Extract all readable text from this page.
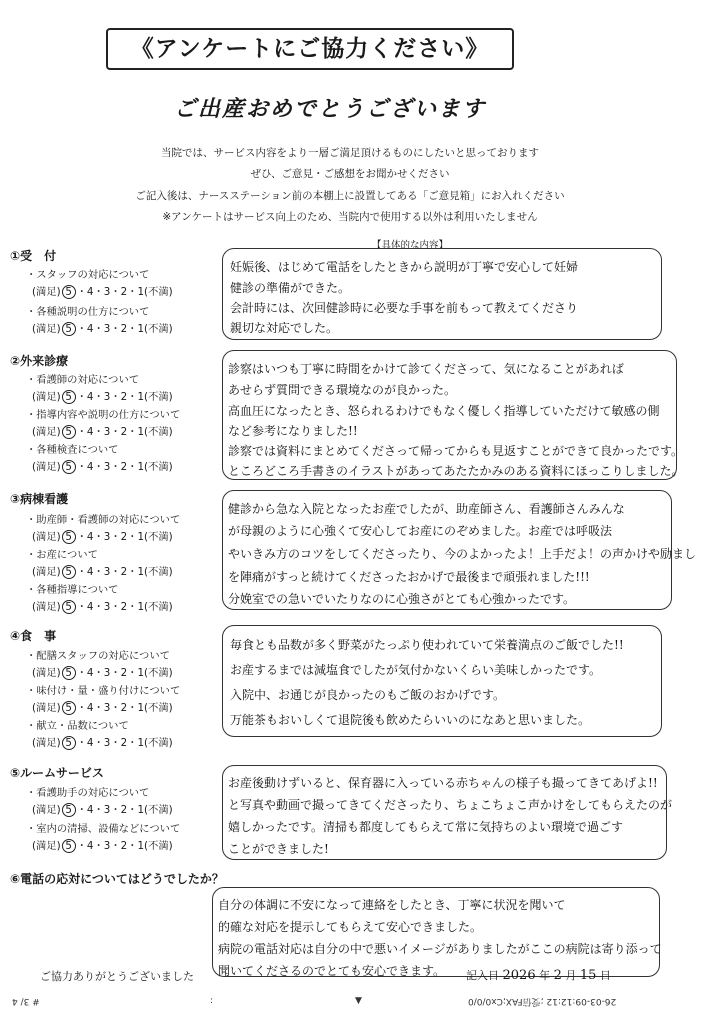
《アンケートにご協力ください》
ご出産おめでとうございます
当院では、サービス内容をより一層ご満足頂けるものにしたいと思っております
ぜひ、ご意見・ご感想をお聞かせください
ご記入後は、ナースステーション前の本棚上に設置してある「ご意見箱」にお入れください
※アンケートはサービス向上のため、当院内で使用する以外は利用いたしません
【具体的な内容】
①受　付
・スタッフの対応について
(満足) 5 ・4・3・2・1(不満)
・各種説明の仕方について
(満足) 5 ・4・3・2・1(不満)
妊娠後、はじめて電話をしたときから説明が丁寧で安心して妊婦
健診の準備ができた。
会計時には、次回健診時に必要な手事を前もって教えてくださり
親切な対応でした。
②外来診療
・看護師の対応について
(満足) 5 ・4・3・2・1(不満)
・指導内容や説明の仕方について
(満足) 5 ・4・3・2・1(不満)
・各種検査について
(満足) 5 ・4・3・2・1(不満)
診察はいつも丁寧に時間をかけて診てくださって、気になることがあれば
あせらず質問できる環境なのが良かった。
高血圧になったとき、怒られるわけでもなく優しく指導していただけて敏感の側
など参考になりました!!
診察では資料にまとめてくださって帰ってからも見返すことができて良かったです。
ところどころ手書きのイラストがあってあたたかみのある資料にほっこりしました。
③病棟看護
・助産師・看護師の対応について
(満足) 5 ・4・3・2・1(不満)
・お産について
(満足) 5 ・4・3・2・1(不満)
・各種指導について
(満足) 5 ・4・3・2・1(不満)
健診から急な入院となったお産でしたが、助産師さん、看護師さんみんな
が母親のように心強くて安心してお産にのぞめました。お産では呼吸法
やいきみ方のコツをしてくださったり、今のよかったよ！上手だよ！の声かけや励まし
を陣痛がすっと続けてくださったおかげで最後まで頑張れました!!!
分娩室での急いでいたりなのに心強さがとても心強かったです。
④食　事
・配膳スタッフの対応について
(満足) 5 ・4・3・2・1(不満)
・味付け・量・盛り付けについて
(満足) 5 ・4・3・2・1(不満)
・献立・品数について
(満足) 5 ・4・3・2・1(不満)
毎食とも品数が多く野菜がたっぷり使われていて栄養満点のご飯でした!!
お産するまでは減塩食でしたが気付かないくらい美味しかったです。
入院中、お通じが良かったのもご飯のおかげです。
万能茶もおいしくて退院後も飲めたらいいのになあと思いました。
⑤ルームサービス
・看護助手の対応について
(満足) 5 ・4・3・2・1(不満)
・室内の清掃、設備などについて
(満足) 5 ・4・3・2・1(不満)
お産後動けずいると、保育器に入っている赤ちゃんの様子も撮ってきてあげよ!!
と写真や動画で撮ってきてくださったり、ちょこちょこ声かけをしてもらえたのが
嬉しかったです。清掃も都度してもらえて常に気持ちのよい環境で過ごす
ことができました!
⑥電話の応対についてはどうでしたか？
自分の体調に不安になって連絡をしたとき、丁寧に状況を聞いて
的確な対応を提示してもらえて安心できました。
病院の電話対応は自分の中で悪いイメージがありましたがここの病院は寄り添って
聞いてくださるのでとても安心できます。
ご協力ありがとうございました	記入日 2026 年 2 月 15 日
# 3/ 4	:	▼	26-03-09:12:12 ;受信FAX;Cx0/0/0
